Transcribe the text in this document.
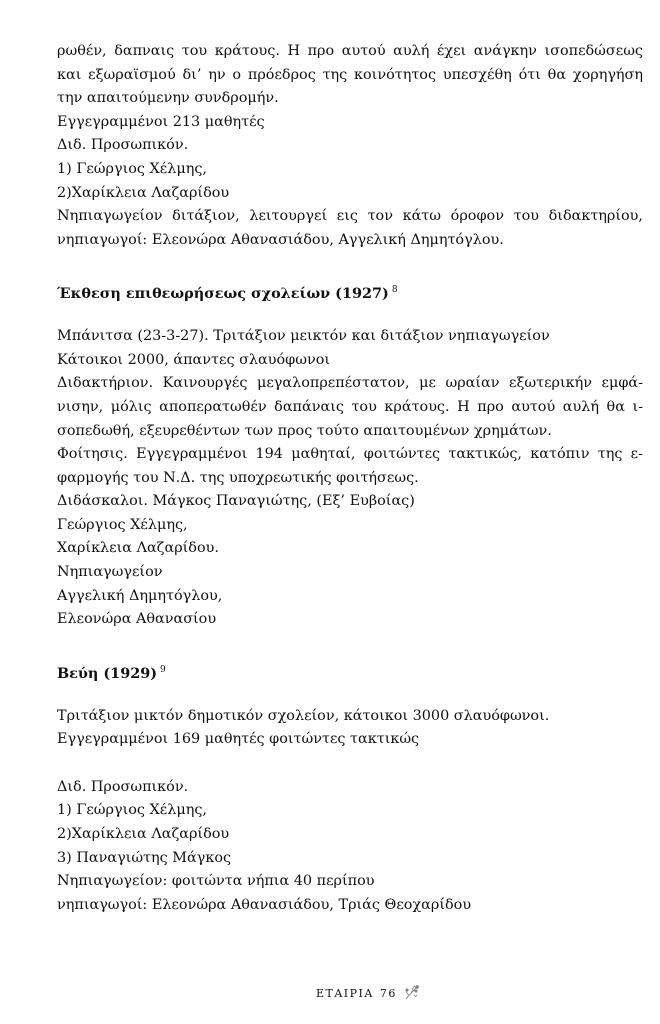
ρωθέν, δαπναις του κράτους. Η προ αυτού αυλή έχει ανάγκην ισοπεδώσεως
και εξωραϊσμού δι’ ην ο πρόεδρος της κοινότητος υπεσχέθη ότι θα χορηγήση
την απαιτούμενην συνδρομήν.
Εγγεγραμμένοι 213 μαθητές
Διδ. Προσωπικόν.
1) Γεώργιος Χέλμης,
2)Χαρίκλεια Λαζαρίδου
Νηπιαγωγείον διτάξιον, λειτουργεί εις τον κάτω όροφον του διδακτηρίου,
νηπιαγωγοί: Ελεονώρα Αθανασιάδου, Αγγελική Δημητόγλου.
Έκθεση επιθεωρήσεως σχολείων (1927) $^8$
Μπάνιτσα (23-3-27). Τριτάξιον μεικτόν και διτάξιον νηπιαγωγείον
Κάτοικοι 2000, άπαντες σλαυόφωνοι
Διδακτήριον. Καινουργές μεγαλοπρεπέστατον, με ωραίαν εξωτερικήν εμφά-
νισην, μόλις αποπερατωθέν δαπάναις του κράτους. Η προ αυτού αυλή θα ι-
σοπεδωθή, εξευρεθέντων των προς τούτο απαιτουμένων χρημάτων.
Φοίτησις. Εγγεγραμμένοι 194 μαθηταί, φοιτώντες τακτικώς, κατόπιν της ε-
φαρμογής του Ν.Δ. της υποχρεωτικής φοιτήσεως.
Διδάσκαλοι. Μάγκος Παναγιώτης, (Εξ’ Ευβοίας)
Γεώργιος Χέλμης,
Χαρίκλεια Λαζαρίδου.
Νηπιαγωγείον
Αγγελική Δημητόγλου,
Ελεονώρα Αθανασίου
Βεύη (1929) $^9$
Τριτάξιον μικτόν δημοτικόν σχολείον, κάτοικοι 3000 σλαυόφωνοι.
Εγγεγραμμένοι 169 μαθητές φοιτώντες τακτικώς
Διδ. Προσωπικόν.
1) Γεώργιος Χέλμης,
2)Χαρίκλεια Λαζαρίδου
3) Παναγιώτης Μάγκος
Νηπιαγωγείον: φοιτώντα νήπια 40 περίπου
νηπιαγωγοί: Ελεονώρα Αθανασιάδου, Τριάς Θεοχαρίδου
ΕΤΑΙΡΙΑ 76
